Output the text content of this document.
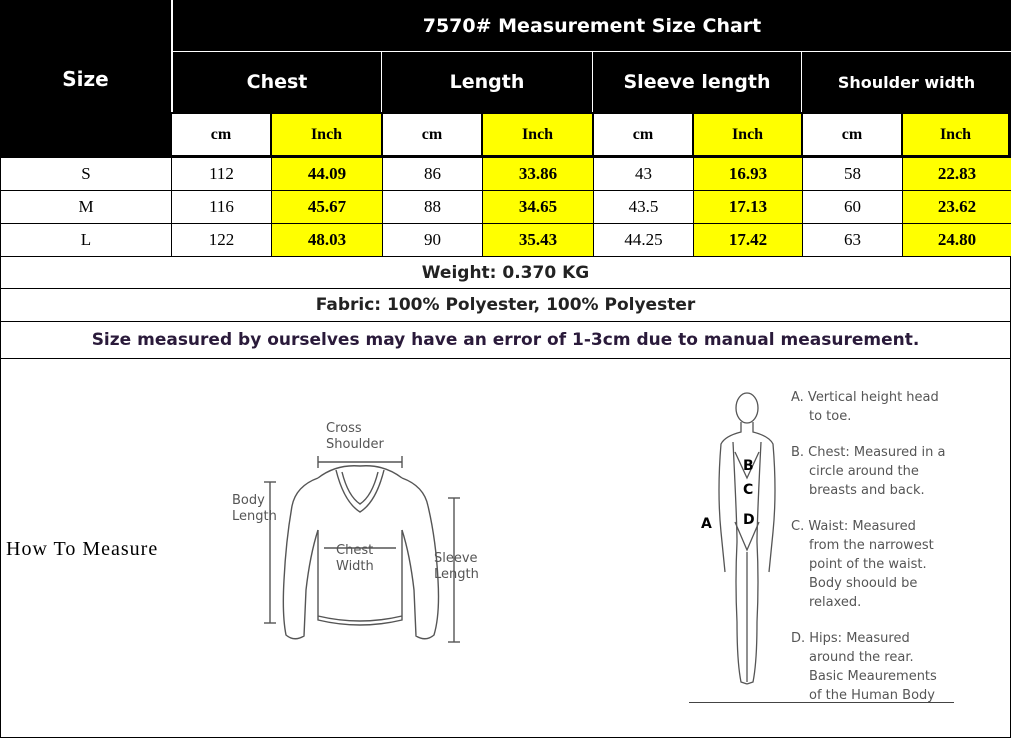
Size
7570# Measurement Size Chart
Chest	Length	Sleeve length	Shoulder width
cm	Inch	cm	Inch	cm	Inch	cm	Inch
S	112	44.09	86	33.86	43	16.93	58	22.83
M	116	45.67	88	34.65	43.5	17.13	60	23.62
L	122	48.03	90	35.43	44.25	17.42	63	24.80
Weight: 0.370 KG
Fabric: 100% Polyester, 100% Polyester
Size measured by ourselves may have an error of 1-3cm due to manual measurement.
How To Measure
Cross
Shoulder
Body
Length
Chest
Width
Sleeve
Length
A
B
C
D
A. Vertical height head
to toe.
B. Chest: Measured in a
circle around the
breasts and back.
C. Waist: Measured
from the narrowest
point of the waist.
Body shoould be
relaxed.
D. Hips: Measured
around the rear.
Basic Meaurements
of the Human Body
